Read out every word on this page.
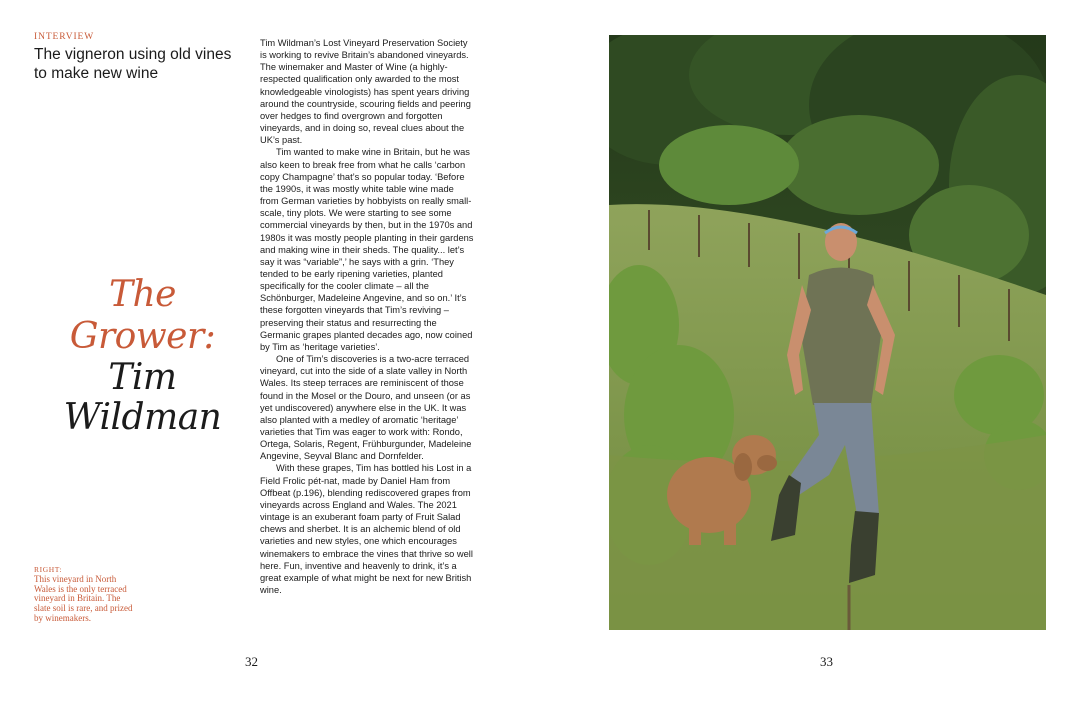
INTERVIEW

The vigneron using old vines to make new wine
The Grower:
Tim
Wildman

Tim Wildman’s Lost Vineyard Preservation Society is working to revive Britain’s abandoned vineyards. The winemaker and Master of Wine (a highly-respected qualification only awarded to the most knowledgeable vinologists) has spent years driving around the countryside, scouring fields and peering over hedges to find overgrown and forgotten vineyards, and in doing so, reveal clues about the UK’s past.

Tim wanted to make wine in Britain, but he was also keen to break free from what he calls ‘carbon copy Champagne’ that’s so popular today. ‘Before the 1990s, it was mostly white table wine made from German varieties by hobbyists on really small-scale, tiny plots. We were starting to see some commercial vineyards by then, but in the 1970s and 1980s it was mostly people planting in their gardens and making wine in their sheds. The quality... let’s say it was “variable”,’ he says with a grin. ‘They tended to be early ripening varieties, planted specifically for the cooler climate – all the Schönburger, Madeleine Angevine, and so on.’ It’s these forgotten vineyards that Tim’s reviving – preserving their status and resurrecting the Germanic grapes planted decades ago, now coined by Tim as ‘heritage varieties’.

One of Tim’s discoveries is a two-acre terraced vineyard, cut into the side of a slate valley in North Wales. Its steep terraces are reminiscent of those found in the Mosel or the Douro, and unseen (or as yet undiscovered) anywhere else in the UK. It was also planted with a medley of aromatic ‘heritage’ varieties that Tim was eager to work with: Rondo, Ortega, Solaris, Regent, Frühburgunder, Madeleine Angevine, Seyval Blanc and Dornfelder.

With these grapes, Tim has bottled his Lost in a Field Frolic pét-nat, made by Daniel Ham from Offbeat (p.196), blending rediscovered grapes from vineyards across England and Wales. The 2021 vintage is an exuberant foam party of Fruit Salad chews and sherbet. It is an alchemic blend of old varieties and new styles, one which encourages winemakers to embrace the vines that thrive so well here. Fun, inventive and heavenly to drink, it’s a great example of what might be next for new British wine.

RIGHT:
This vineyard in North Wales is the only terraced vineyard in Britain. The slate soil is rare, and prized by winemakers.
32	33
